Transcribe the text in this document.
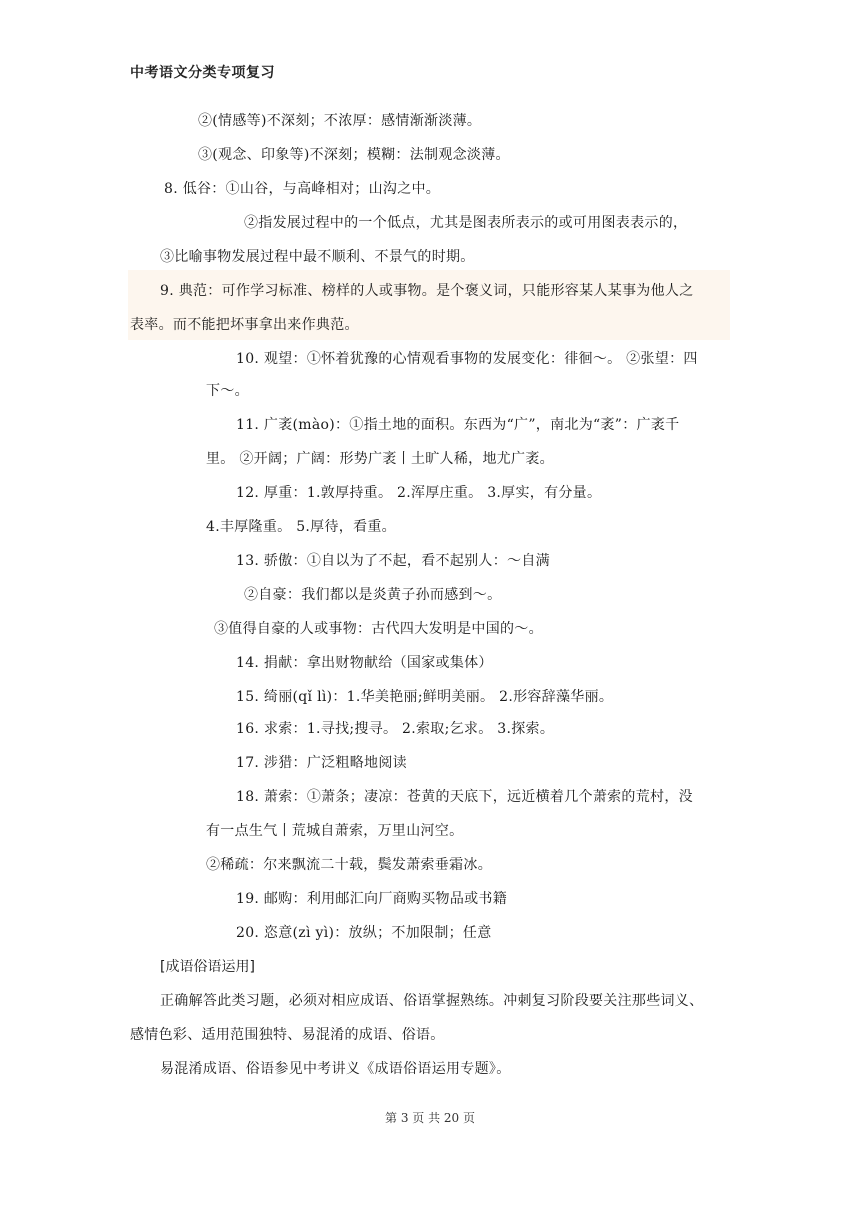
中考语文分类专项复习
②(情感等)不深刻；不浓厚：感情渐渐淡薄。
③(观念、印象等)不深刻；模糊：法制观念淡薄。
8. 低谷：①山谷，与高峰相对；山沟之中。
②指发展过程中的一个低点，尤其是图表所表示的或可用图表表示的，
③比喻事物发展过程中最不顺利、不景气的时期。
9. 典范：可作学习标准、榜样的人或事物。是个褒义词，只能形容某人某事为他人之
表率。而不能把坏事拿出来作典范。
10. 观望：①怀着犹豫的心情观看事物的发展变化：徘徊～。 ②张望：四
下～。
11. 广袤(mào)：①指土地的面积。东西为“广”，南北为“袤”：广袤千
里。 ②开阔；广阔：形势广袤丨土旷人稀，地尤广袤。
12. 厚重：1.敦厚持重。 2.浑厚庄重。 3.厚实，有分量。
4.丰厚隆重。 5.厚待，看重。
13. 骄傲：①自以为了不起，看不起别人：～自满
②自豪：我们都以是炎黄子孙而感到～。
③值得自豪的人或事物：古代四大发明是中国的～。
14. 捐献：拿出财物献给（国家或集体）
15. 绮丽(qǐ lì)：1.华美艳丽;鲜明美丽。 2.形容辞藻华丽。
16. 求索：1.寻找;搜寻。 2.索取;乞求。 3.探索。
17. 涉猎：广泛粗略地阅读
18. 萧索：①萧条；凄凉：苍黄的天底下，远近横着几个萧索的荒村，没
有一点生气丨荒城自萧索，万里山河空。
②稀疏：尔来飘流二十载，鬓发萧索垂霜冰。
19. 邮购：利用邮汇向厂商购买物品或书籍
20. 恣意(zì yì)：放纵；不加限制；任意
[成语俗语运用]
正确解答此类习题，必须对相应成语、俗语掌握熟练。冲刺复习阶段要关注那些词义、
感情色彩、适用范围独特、易混淆的成语、俗语。
易混淆成语、俗语参见中考讲义《成语俗语运用专题》。
第 3 页 共 20 页
